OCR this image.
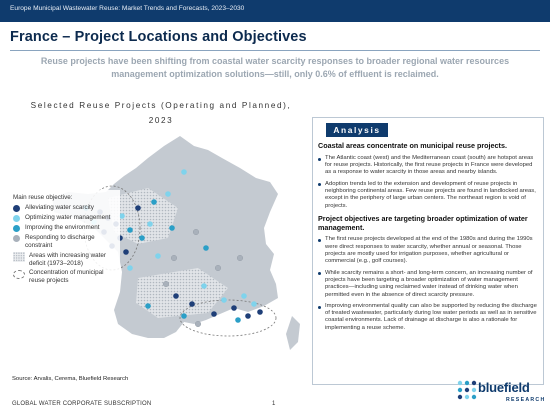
Europe Municipal Wastewater Reuse: Market Trends and Forecasts, 2023–2030
France – Project Locations and Objectives
Reuse projects have been shifting from coastal water scarcity responses to broader regional water resources management optimization solutions—still, only 0.6% of effluent is reclaimed.
Selected Reuse Projects (Operating and Planned), 2023
Main reuse objective:
Alleviating water scarcity
Optimizing water management
Improving the environment
Responding to discharge constraint
Areas with increasing water deficit (1973–2018)
Concentration of municipal reuse projects
Source: Arvalis, Cerema, Bluefield Research
Analysis
Coastal areas concentrate on municipal reuse projects.
The Atlantic coast (west) and the Mediterranean coast (south) are hotspot areas for reuse projects. Historically, the first reuse projects in France were developed as a response to water scarcity in those areas and nearby islands.
Adoption trends led to the extension and development of reuse projects in neighboring continental areas. Few reuse projects are found in landlocked areas, except in the periphery of large urban centers. The northeast region is void of projects.
Project objectives are targeting broader optimization of water management.
The first reuse projects developed at the end of the 1980s and during the 1990s were direct responses to water scarcity, whether annual or seasonal. Those projects are mostly used for irrigation purposes, whether agricultural or commercial (e.g., golf courses).
While scarcity remains a short- and long-term concern, an increasing number of projects have been targeting a broader optimization of water management practices—including using reclaimed water instead of drinking water when permitted even in the absence of direct scarcity pressure.
Improving environmental quality can also be supported by reducing the discharge of treated wastewater, particularly during low water periods as well as in sensitive coastal environments. Lack of drainage at discharge is also a rationale for implementing a reuse scheme.
GLOBAL WATER CORPORATE SUBSCRIPTION	1
bluefield
RESEARCH
